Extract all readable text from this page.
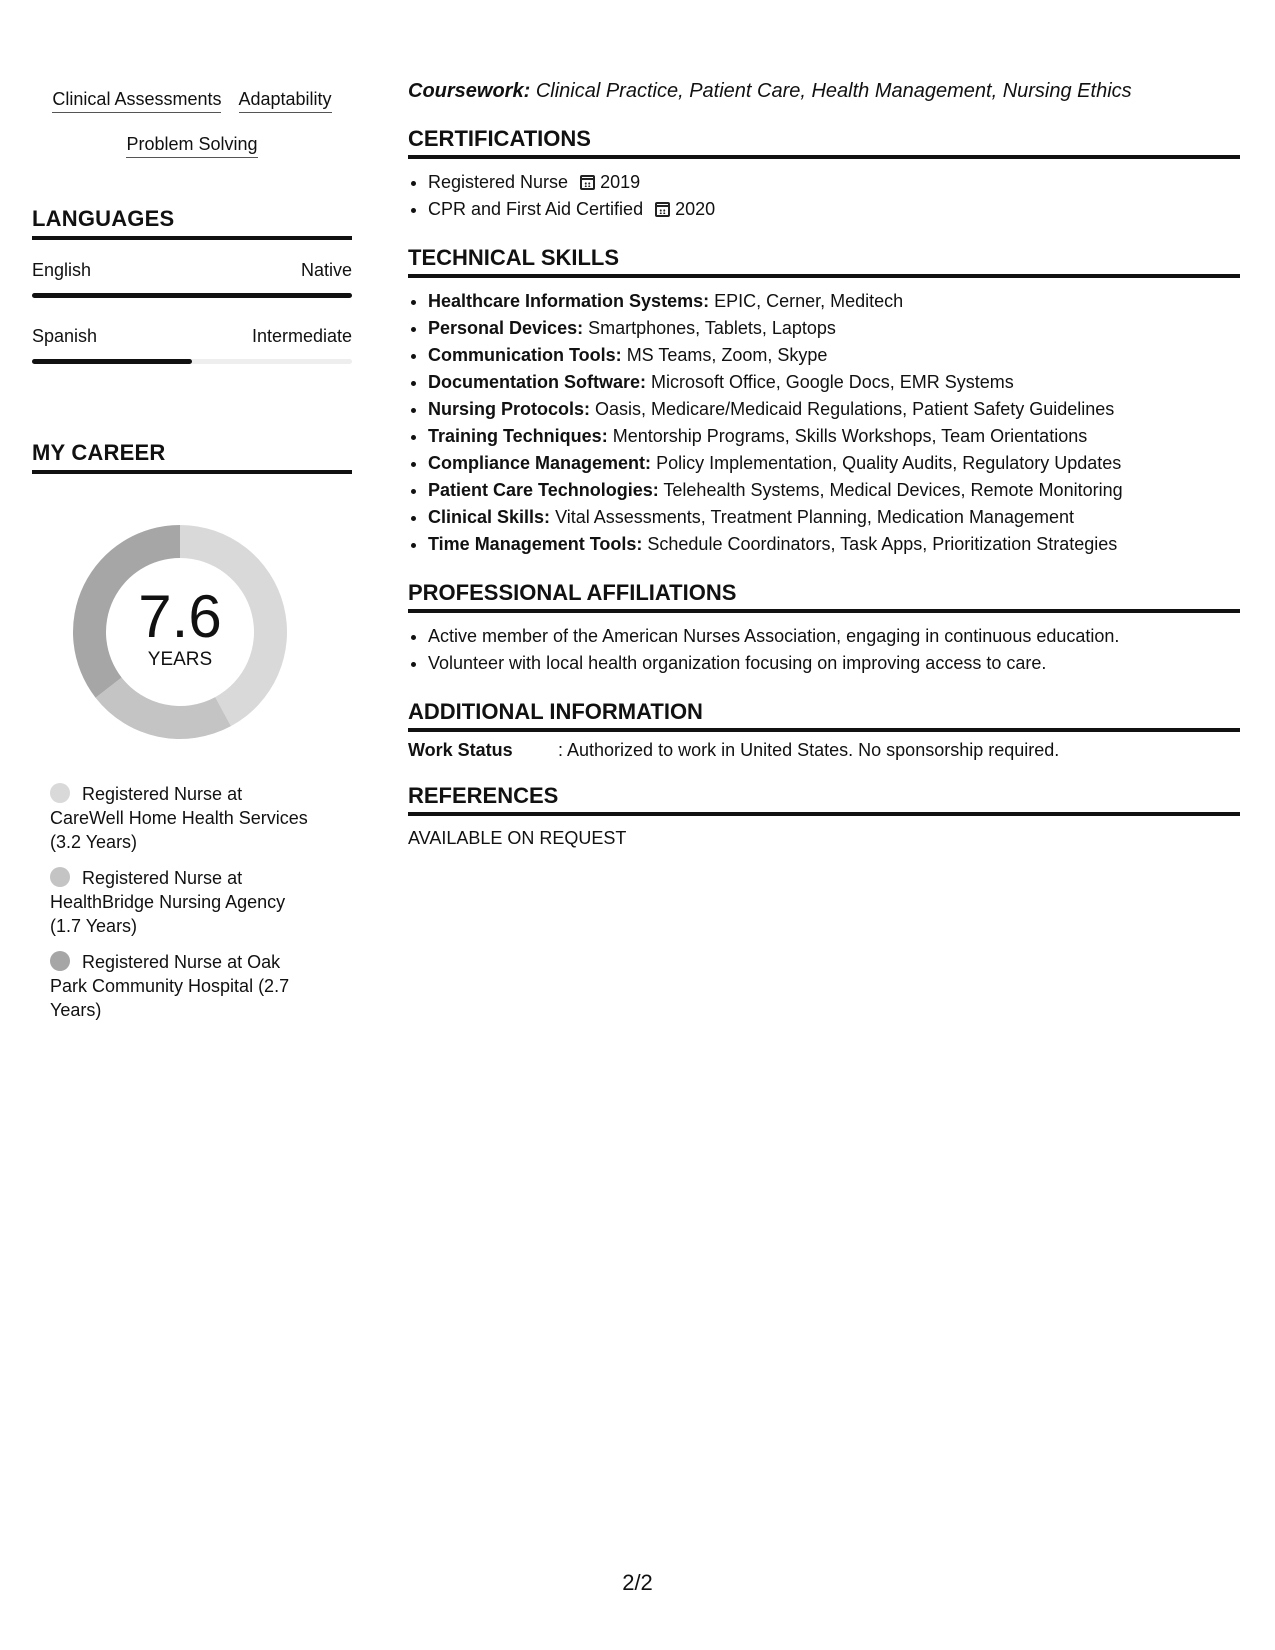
Clinical Assessments Adaptability
Problem Solving
LANGUAGES
English	Native
Spanish	Intermediate
MY CAREER
7.6
YEARS
Registered Nurse at CareWell Home Health Services (3.2 Years)
Registered Nurse at HealthBridge Nursing Agency (1.7 Years)
Registered Nurse at Oak Park Community Hospital (2.7 Years)

Coursework: Clinical Practice, Patient Care, Health Management, Nursing Ethics

CERTIFICATIONS
• Registered Nurse 2019
• CPR and First Aid Certified 2020
TECHNICAL SKILLS
• Healthcare Information Systems: EPIC, Cerner, Meditech
• Personal Devices: Smartphones, Tablets, Laptops
• Communication Tools: MS Teams, Zoom, Skype
• Documentation Software: Microsoft Office, Google Docs, EMR Systems
• Nursing Protocols: Oasis, Medicare/Medicaid Regulations, Patient Safety Guidelines
• Training Techniques: Mentorship Programs, Skills Workshops, Team Orientations
• Compliance Management: Policy Implementation, Quality Audits, Regulatory Updates
• Patient Care Technologies: Telehealth Systems, Medical Devices, Remote Monitoring
• Clinical Skills: Vital Assessments, Treatment Planning, Medication Management
• Time Management Tools: Schedule Coordinators, Task Apps, Prioritization Strategies
PROFESSIONAL AFFILIATIONS
• Active member of the American Nurses Association, engaging in continuous education.
• Volunteer with local health organization focusing on improving access to care.
ADDITIONAL INFORMATION
Work Status	: Authorized to work in United States. No sponsorship required.
REFERENCES
AVAILABLE ON REQUEST
2/2
